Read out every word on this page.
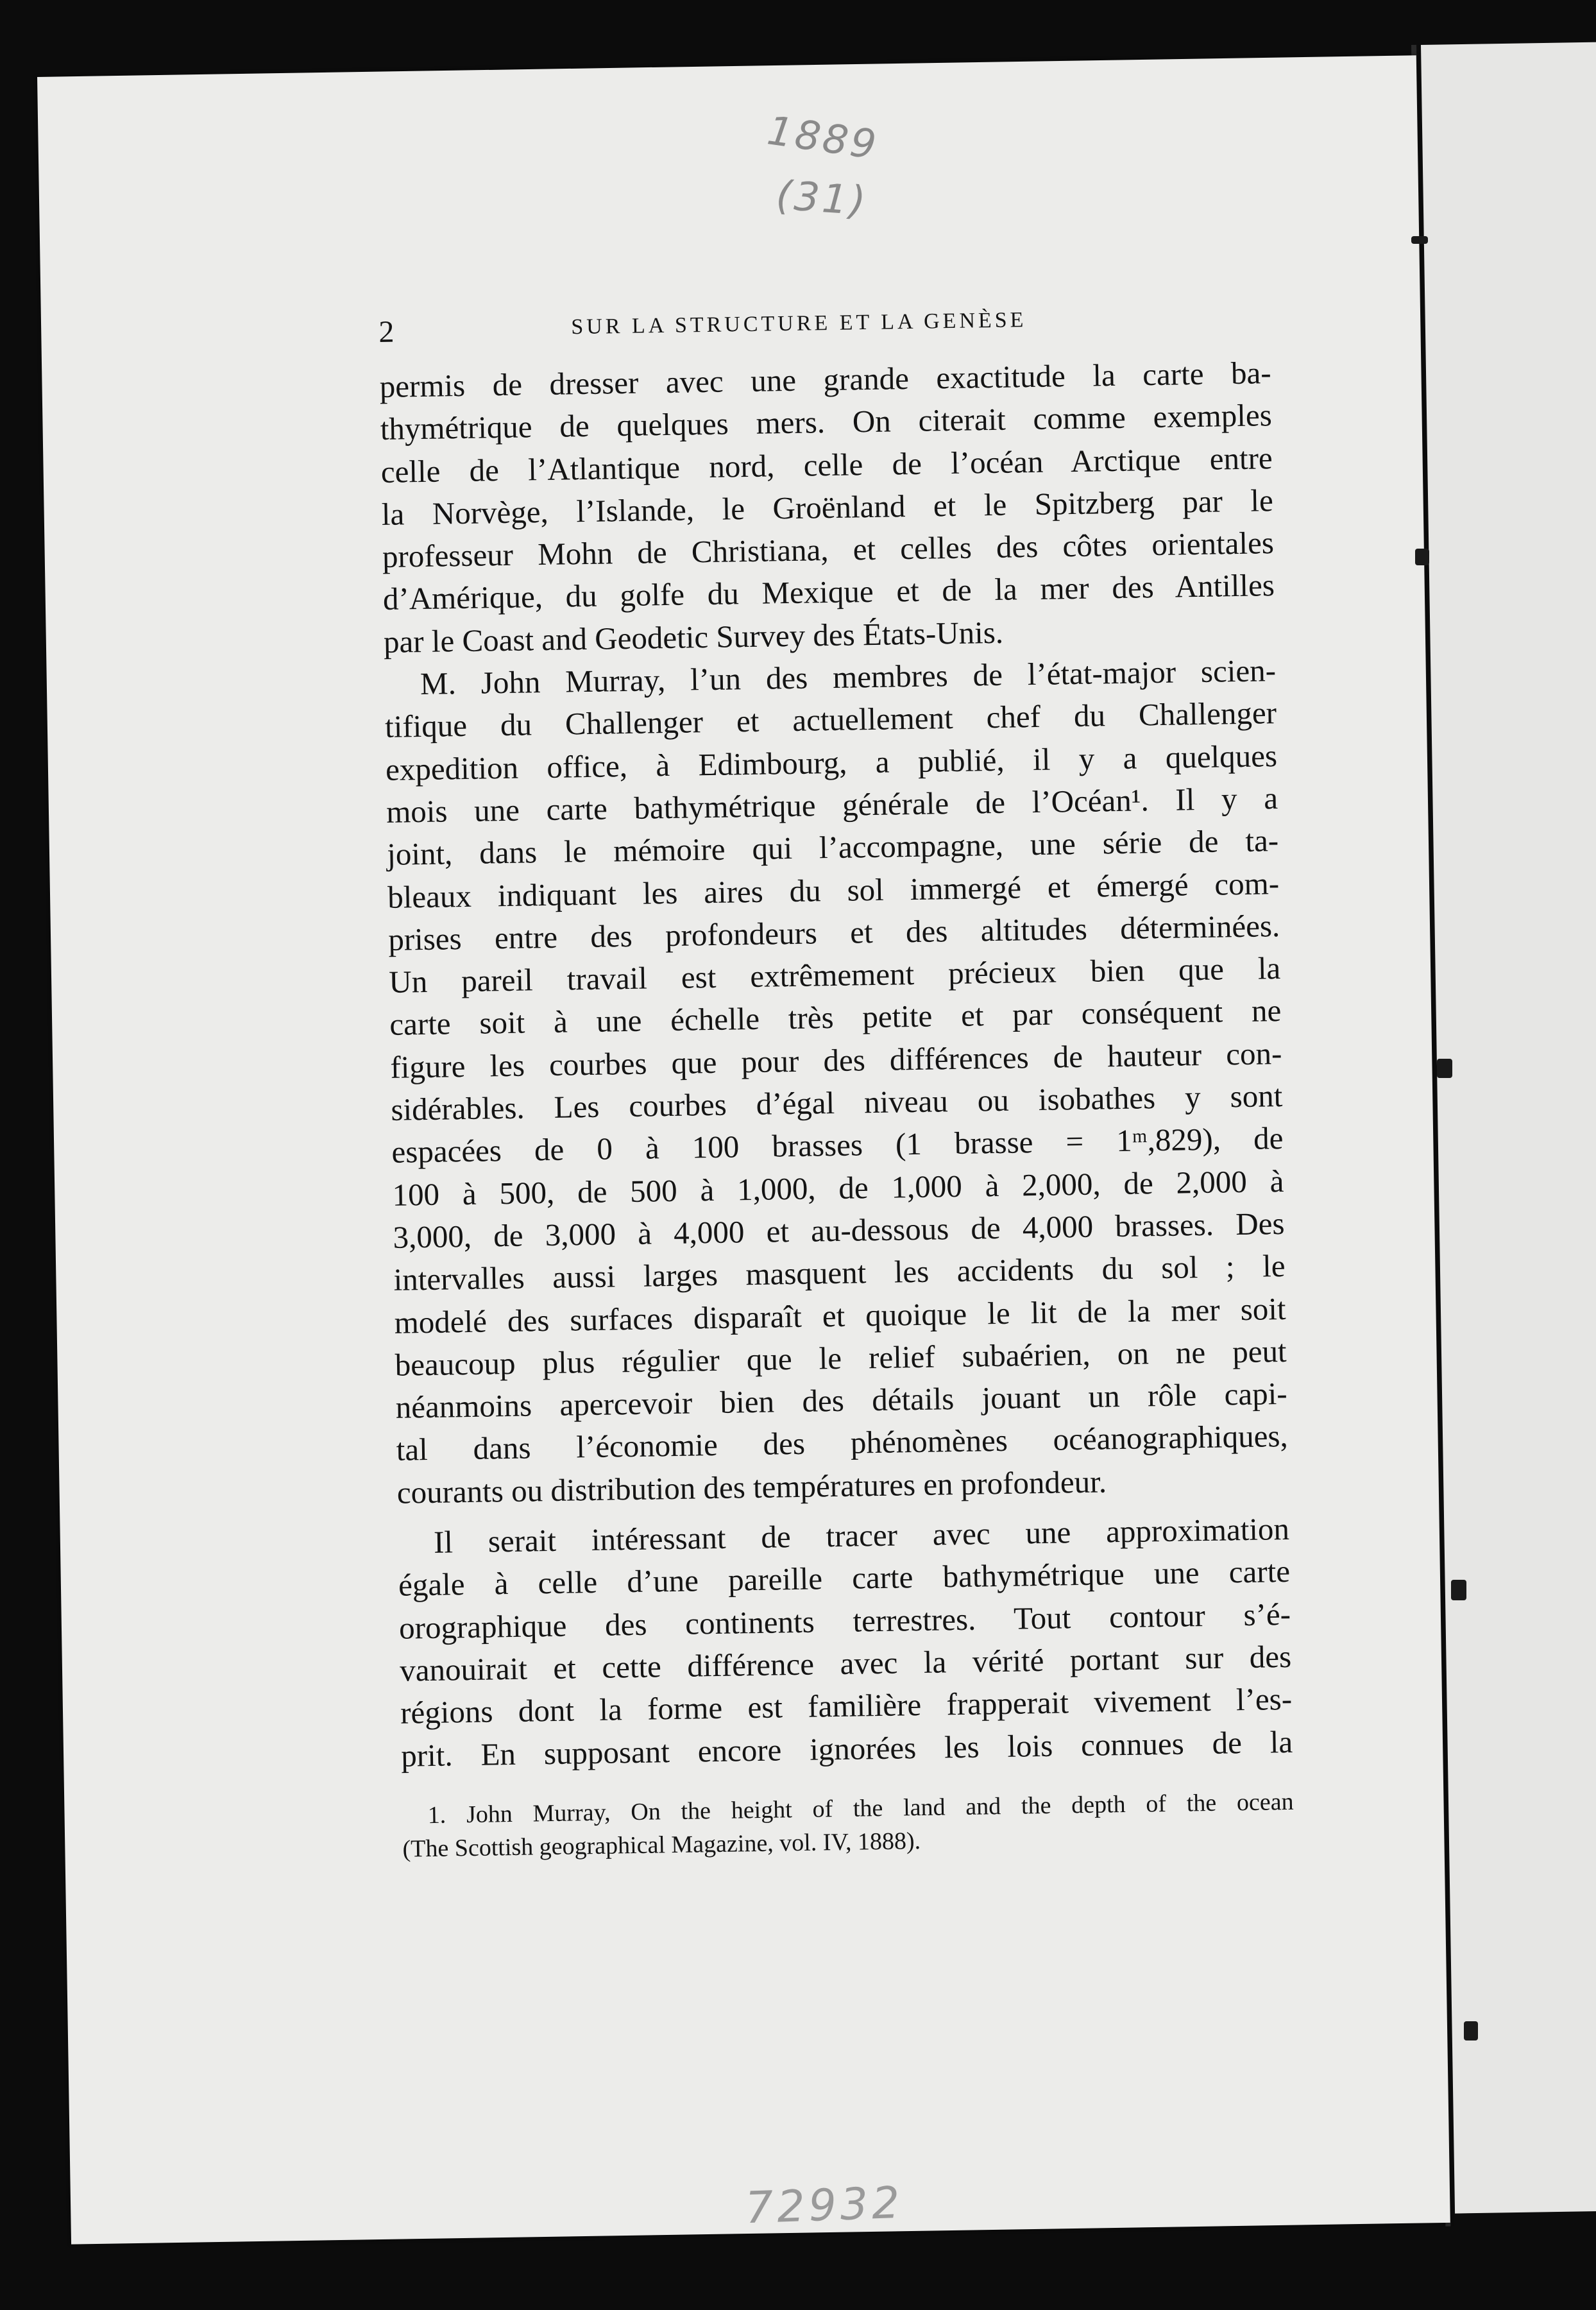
1889
(31)
72932
2	SUR LA STRUCTURE ET LA GENÈSE
permis de dresser avec une grande exactitude la carte ba-
thymétrique de quelques mers. On citerait comme exemples
celle de l’Atlantique nord, celle de l’océan Arctique entre
la Norvège, l’Islande, le Groënland et le Spitzberg par le
professeur Mohn de Christiana, et celles des côtes orientales
d’Amérique, du golfe du Mexique et de la mer des Antilles
par le Coast and Geodetic Survey des États-Unis.
M. John Murray, l’un des membres de l’état-major scien-
tifique du Challenger et actuellement chef du Challenger
expedition office, à Edimbourg, a publié, il y a quelques
mois une carte bathymétrique générale de l’Océan¹. Il y a
joint, dans le mémoire qui l’accompagne, une série de ta-
bleaux indiquant les aires du sol immergé et émergé com-
prises entre des profondeurs et des altitudes déterminées.
Un pareil travail est extrêmement précieux bien que la
carte soit à une échelle très petite et par conséquent ne
figure les courbes que pour des différences de hauteur con-
sidérables. Les courbes d’égal niveau ou isobathes y sont
espacées de 0 à 100 brasses (1 brasse = 1ᵐ,829), de
100 à 500, de 500 à 1,000, de 1,000 à 2,000, de 2,000 à
3,000, de 3,000 à 4,000 et au-dessous de 4,000 brasses. Des
intervalles aussi larges masquent les accidents du sol ; le
modelé des surfaces disparaît et quoique le lit de la mer soit
beaucoup plus régulier que le relief subaérien, on ne peut
néanmoins apercevoir bien des détails jouant un rôle capi-
tal dans l’économie des phénomènes océanographiques,
courants ou distribution des températures en profondeur.
Il serait intéressant de tracer avec une approximation
égale à celle d’une pareille carte bathymétrique une carte
orographique des continents terrestres. Tout contour s’é-
vanouirait et cette différence avec la vérité portant sur des
régions dont la forme est familière frapperait vivement l’es-
prit. En supposant encore ignorées les lois connues de la
1. John Murray, On the height of the land and the depth of the ocean
(The Scottish geographical Magazine, vol. IV, 1888).
